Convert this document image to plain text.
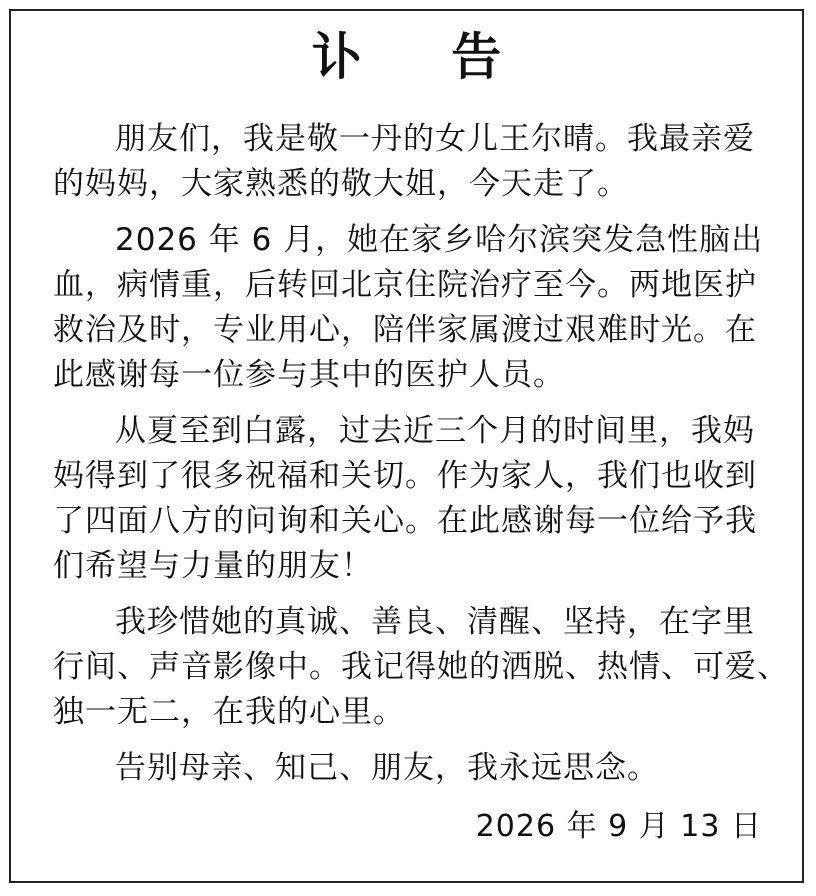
讣 告

朋友们，我是敬一丹的女儿王尔晴。我最亲爱
的妈妈，大家熟悉的敬大姐，今天走了。

2026 年 6 月，她在家乡哈尔滨突发急性脑出
血，病情重，后转回北京住院治疗至今。两地医护
救治及时，专业用心，陪伴家属渡过艰难时光。在
此感谢每一位参与其中的医护人员。

从夏至到白露，过去近三个月的时间里，我妈
妈得到了很多祝福和关切。作为家人，我们也收到
了四面八方的问询和关心。在此感谢每一位给予我
们希望与力量的朋友！

我珍惜她的真诚、善良、清醒、坚持，在字里
行间、声音影像中。我记得她的洒脱、热情、可爱、
独一无二，在我的心里。

告别母亲、知己、朋友，我永远思念。

2026 年 9 月 13 日
